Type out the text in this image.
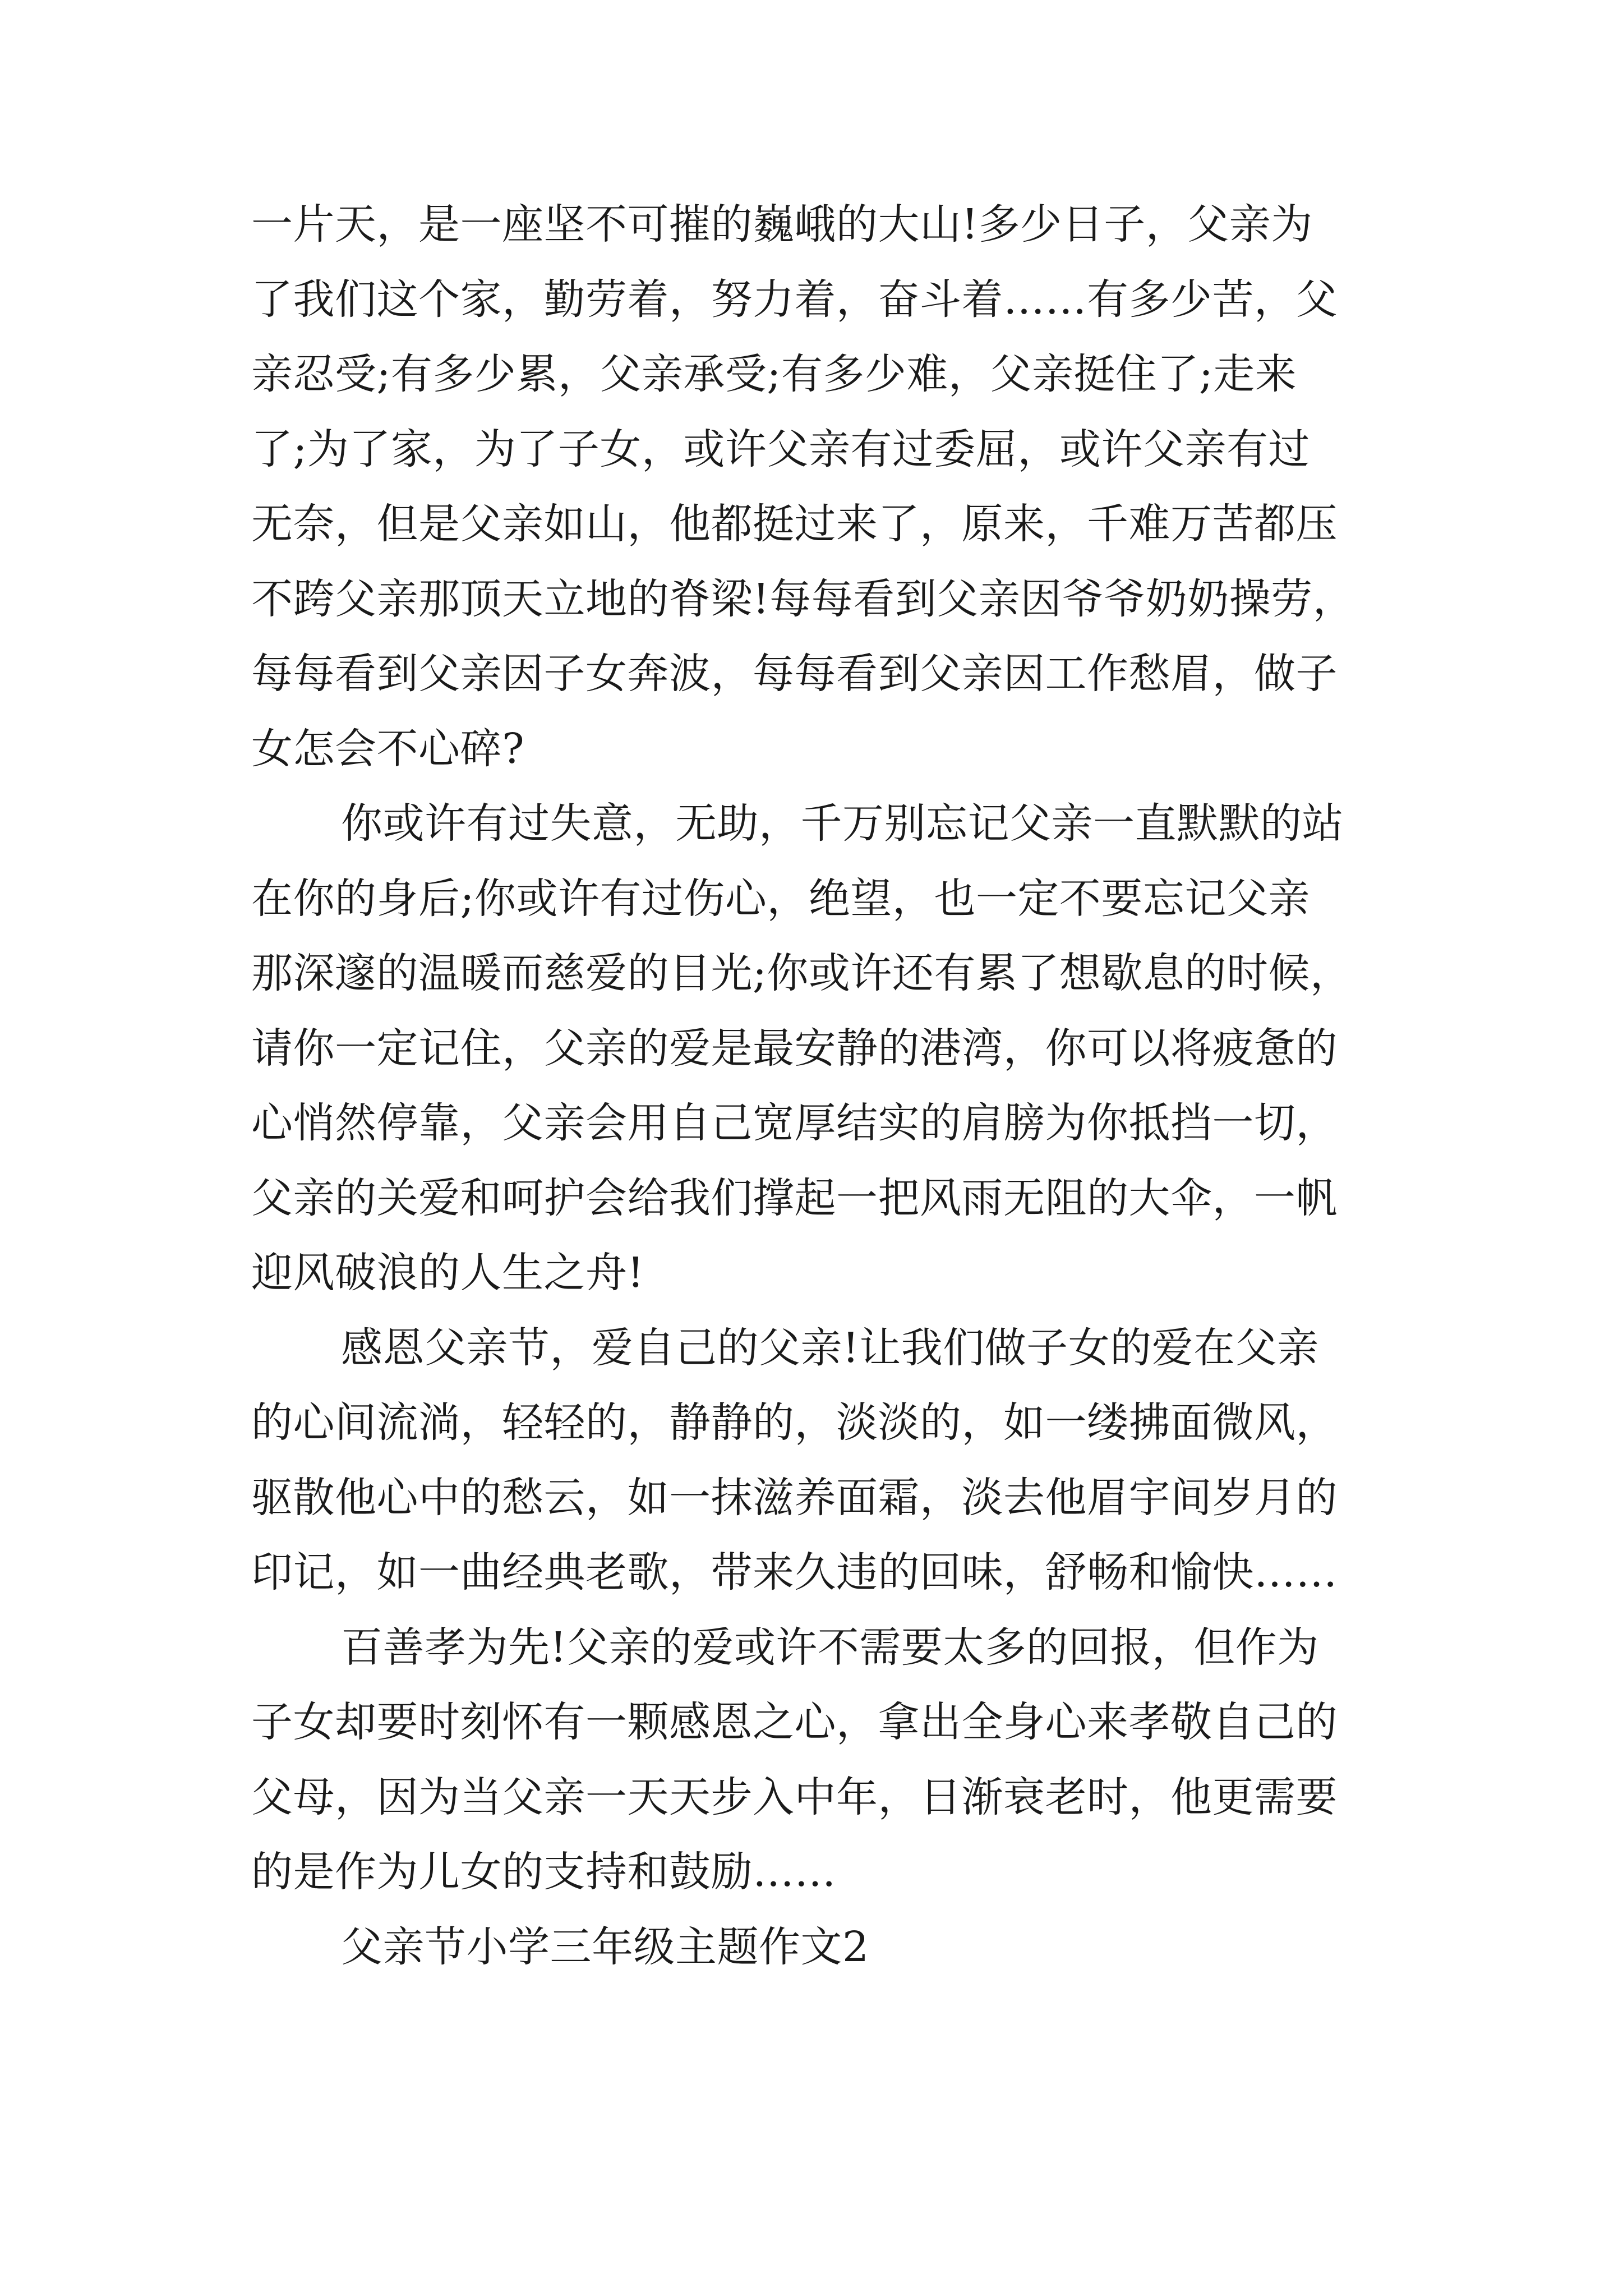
一片天，是一座坚不可摧的巍峨的大山!多少日子，父亲为
了我们这个家，勤劳着，努力着，奋斗着……有多少苦，父
亲忍受;有多少累，父亲承受;有多少难，父亲挺住了;走来
了;为了家，为了子女，或许父亲有过委屈，或许父亲有过
无奈，但是父亲如山，他都挺过来了，原来，千难万苦都压
不跨父亲那顶天立地的脊梁!每每看到父亲因爷爷奶奶操劳，
每每看到父亲因子女奔波，每每看到父亲因工作愁眉，做子
女怎会不心碎?
你或许有过失意，无助，千万别忘记父亲一直默默的站
在你的身后;你或许有过伤心，绝望，也一定不要忘记父亲
那深邃的温暖而慈爱的目光;你或许还有累了想歇息的时候，
请你一定记住，父亲的爱是最安静的港湾，你可以将疲惫的
心悄然停靠，父亲会用自己宽厚结实的肩膀为你抵挡一切，
父亲的关爱和呵护会给我们撑起一把风雨无阻的大伞，一帆
迎风破浪的人生之舟!
感恩父亲节，爱自己的父亲!让我们做子女的爱在父亲
的心间流淌，轻轻的，静静的，淡淡的，如一缕拂面微风，
驱散他心中的愁云，如一抹滋养面霜，淡去他眉宇间岁月的
印记，如一曲经典老歌，带来久违的回味，舒畅和愉快……
百善孝为先!父亲的爱或许不需要太多的回报，但作为
子女却要时刻怀有一颗感恩之心，拿出全身心来孝敬自己的
父母，因为当父亲一天天步入中年，日渐衰老时，他更需要
的是作为儿女的支持和鼓励……
父亲节小学三年级主题作文2
